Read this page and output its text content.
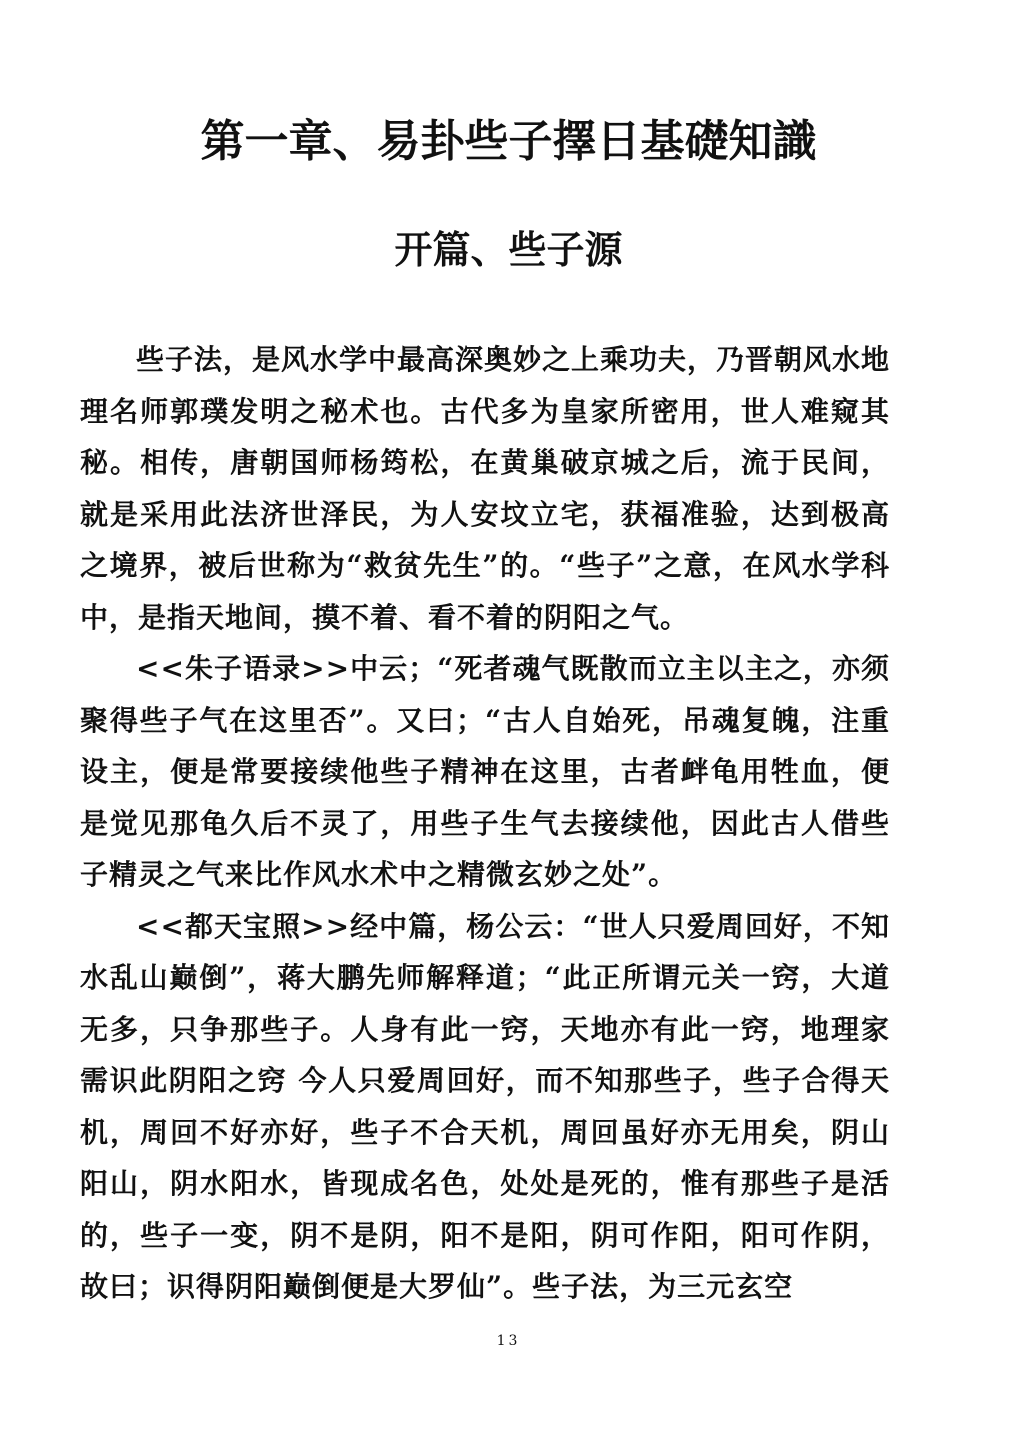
第一章、易卦些子擇日基礎知識
开篇、些子源

些子法，是风水学中最高深奥妙之上乘功夫，乃晋朝风水地理名师郭璞发明之秘术也。古代多为皇家所密用，世人难窥其秘。相传，唐朝国师杨筠松，在黄巢破京城之后，流于民间，就是采用此法济世泽民，为人安坟立宅，获福准验，达到极高之境界，被后世称为“救贫先生”的。“些子”之意，在风水学科中，是指天地间，摸不着、看不着的阴阳之气。

<<朱子语录>>中云；“死者魂气既散而立主以主之，亦须聚得些子气在这里否”。又曰；“古人自始死，吊魂复魄，注重设主，便是常要接续他些子精神在这里，古者衅龟用牲血，便是觉见那龟久后不灵了，用些子生气去接续他，因此古人借些子精灵之气来比作风水术中之精微玄妙之处”。

<<都天宝照>>经中篇，杨公云：“世人只爱周回好，不知水乱山巅倒”，蒋大鹏先师解释道；“此正所谓元关一窍，大道无多，只争那些子。人身有此一窍，天地亦有此一窍，地理家需识此阴阳之窍 今人只爱周回好，而不知那些子，些子合得天机，周回不好亦好，些子不合天机，周回虽好亦无用矣，阴山阳山，阴水阳水，皆现成名色，处处是死的，惟有那些子是活的，些子一变，阴不是阴，阳不是阳，阴可作阳，阳可作阴，故曰；识得阴阳巅倒便是大罗仙”。些子法，为三元玄空

13
